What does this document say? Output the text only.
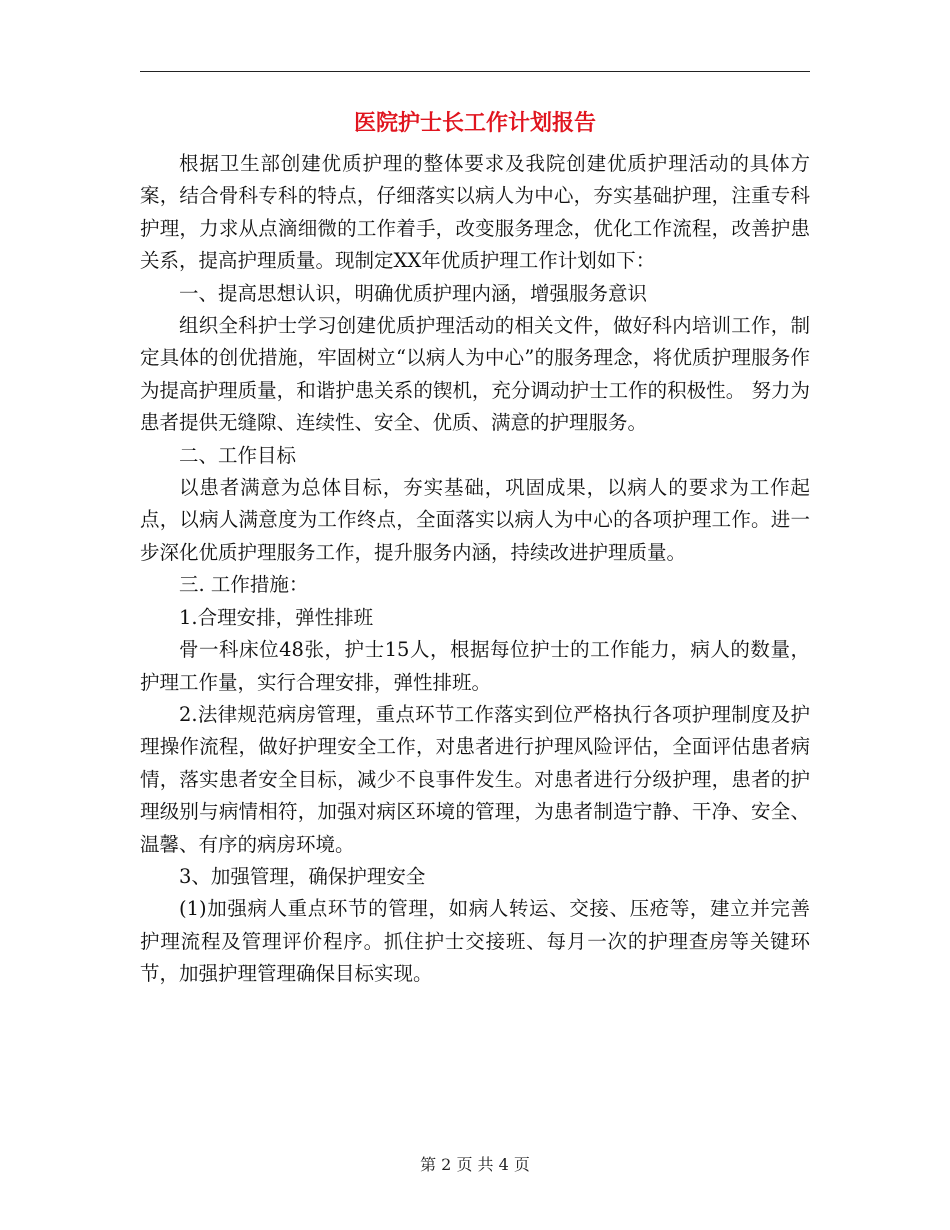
医院护士长工作计划报告

根据卫生部创建优质护理的整体要求及我院创建优质护理活动的具体方案，结合骨科专科的特点，仔细落实以病人为中心，夯实基础护理，注重专科护理，力求从点滴细微的工作着手，改变服务理念，优化工作流程，改善护患关系，提高护理质量。现制定XX年优质护理工作计划如下：

一、提高思想认识，明确优质护理内涵，增强服务意识

组织全科护士学习创建优质护理活动的相关文件，做好科内培训工作，制定具体的创优措施，牢固树立“以病人为中心”的服务理念，将优质护理服务作为提高护理质量，和谐护患关系的锲机，充分调动护士工作的积极性。 努力为患者提供无缝隙、连续性、安全、优质、满意的护理服务。

二、工作目标

以患者满意为总体目标，夯实基础，巩固成果，以病人的要求为工作起点，以病人满意度为工作终点，全面落实以病人为中心的各项护理工作。进一步深化优质护理服务工作，提升服务内涵，持续改进护理质量。

三. 工作措施：

1.合理安排，弹性排班

骨一科床位48张，护士15人，根据每位护士的工作能力，病人的数量，护理工作量，实行合理安排，弹性排班。

2.法律规范病房管理，重点环节工作落实到位严格执行各项护理制度及护理操作流程，做好护理安全工作，对患者进行护理风险评估，全面评估患者病情，落实患者安全目标，减少不良事件发生。对患者进行分级护理，患者的护理级别与病情相符，加强对病区环境的管理，为患者制造宁静、干净、安全、温馨、有序的病房环境。

3、加强管理，确保护理安全

(1)加强病人重点环节的管理，如病人转运、交接、压疮等，建立并完善护理流程及管理评价程序。抓住护士交接班、每月一次的护理查房等关键环节，加强护理管理确保目标实现。

第 2 页 共 4 页
